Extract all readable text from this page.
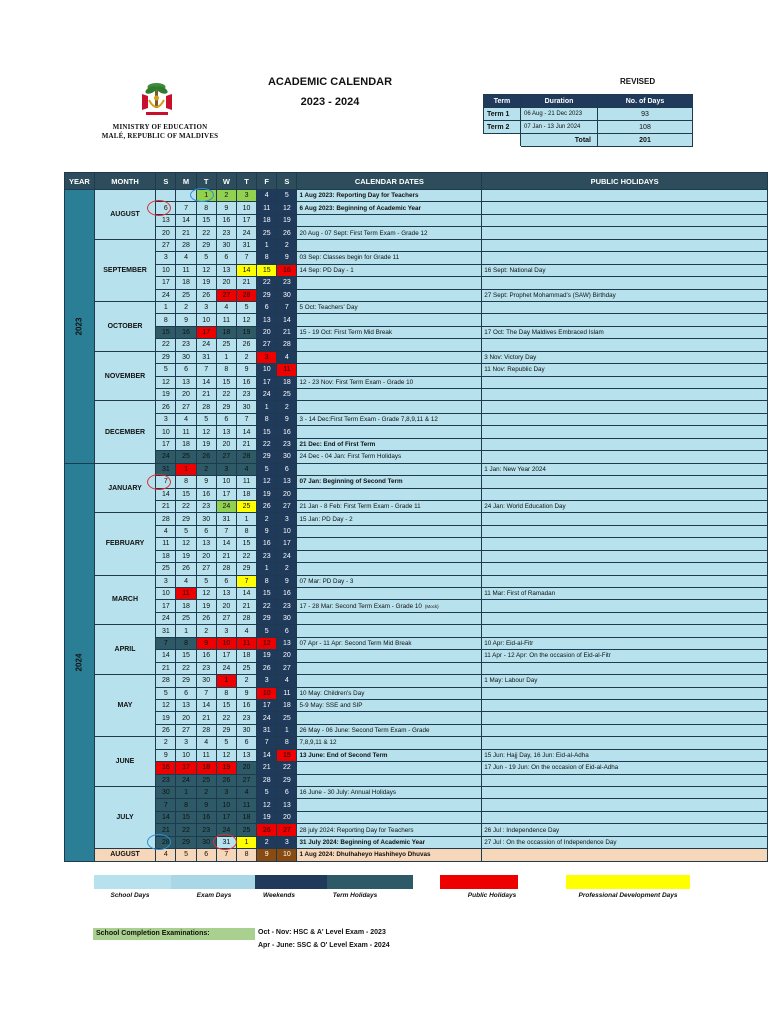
MINISTRY OF EDUCATION
MALÉ, REPUBLIC OF MALDIVES
ACADEMIC CALENDAR
2023 - 2024
REVISED
Term	Duration	No. of Days
Term 1	06 Aug - 21 Dec 2023	93
Term 2	07 Jan - 13 Jun 2024	108
	Total	201
YEAR	MONTH	S	M	T	W	T	F	S	CALENDAR DATES	PUBLIC HOLIDAYS
2023	AUGUST			1	2	3	4	5	1 Aug 2023: Reporting Day for Teachers	
		6	7	8	9	10	11	12	6 Aug 2023: Beginning of Academic Year	
		13	14	15	16	17	18	19		
		20	21	22	23	24	25	26	20 Aug - 07 Sept: First Term Exam - Grade 12	
	SEPTEMBER	27	28	29	30	31	1	2		
		3	4	5	6	7	8	9	03 Sep: Classes begin for Grade 11	
		10	11	12	13	14	15	16	14 Sep: PD Day - 1	16 Sept: National Day
		17	18	19	20	21	22	23		
		24	25	26	27	28	29	30		27 Sept: Prophet Mohammad's (SAW) Birthday
	OCTOBER	1	2	3	4	5	6	7	5 Oct: Teachers' Day	
		8	9	10	11	12	13	14		
		15	16	17	18	19	20	21	15 - 19 Oct: First Term Mid Break	17 Oct: The Day Maldives Embraced Islam
		22	23	24	25	26	27	28		
	NOVEMBER	29	30	31	1	2	3	4		3 Nov: Victory Day
		5	6	7	8	9	10	11		11 Nov: Republic Day
		12	13	14	15	16	17	18	12 - 23 Nov: First Term Exam - Grade 10	
		19	20	21	22	23	24	25		
	DECEMBER	26	27	28	29	30	1	2		
		3	4	5	6	7	8	9	3 - 14 Dec:First Term Exam - Grade 7,8,9,11 & 12	
		10	11	12	13	14	15	16		
		17	18	19	20	21	22	23	21 Dec: End of First Term	
		24	25	26	27	28	29	30	24 Dec - 04 Jan: First Term Holidays	
2024	JANUARY	31	1	2	3	4	5	6		1 Jan: New Year 2024
		7	8	9	10	11	12	13	07 Jan: Beginning of Second Term	
		14	15	16	17	18	19	20		
		21	22	23	24	25	26	27	21 Jan - 8 Feb: First Term Exam - Grade 11	24 Jan: World Education Day
	FEBRUARY	28	29	30	31	1	2	3	15 Jan: PD Day - 2	
		4	5	6	7	8	9	10		
		11	12	13	14	15	16	17		
		18	19	20	21	22	23	24		
		25	26	27	28	29	1	2		
	MARCH	3	4	5	6	7	8	9	07 Mar: PD Day - 3	
		10	11	12	13	14	15	16		11 Mar: First of Ramadan
		17	18	19	20	21	22	23	17 - 28 Mar: Second Term Exam - Grade 10 (Mock)	
		24	25	26	27	28	29	30		
	APRIL	31	1	2	3	4	5	6		
		7	8	9	10	11	12	13	07 Apr - 11 Apr: Second Term Mid Break	10 Apr: Eid-al-Fitr
		14	15	16	17	18	19	20		11 Apr - 12 Apr: On the occasion of Eid-al-Fitr
		21	22	23	24	25	26	27		
	MAY	28	29	30	1	2	3	4		1 May: Labour Day
		5	6	7	8	9	10	11	10 May: Children's Day	
		12	13	14	15	16	17	18	5-9 May: SSE and SIP	
		19	20	21	22	23	24	25		
		26	27	28	29	30	31	1	26 May - 06 June: Second Term Exam - Grade	
	JUNE	2	3	4	5	6	7	8	7,8,9,11 & 12	
		9	10	11	12	13	14	15	13 June: End of Second Term	15 Jun: Hajj Day, 16 Jun: Eid-al-Adha
		16	17	18	19	20	21	22		17 Jun - 19 Jun: On the occasion of Eid-al-Adha
		23	24	25	26	27	28	29		
	JULY	30	1	2	3	4	5	6	16 June - 30 July: Annual Holidays	
		7	8	9	10	11	12	13		
		14	15	16	17	18	19	20		
		21	22	23	24	25	26	27	28 july 2024: Reporting Day for Teachers	26 Jul : Independence Day
		28	29	30	31	1	2	3	31 July 2024: Beginning of Academic Year	27 Jul : On the occassion of Independence Day
	AUGUST	4	5	6	7	8	9	10	1 Aug 2024: Dhulhaheyo Hashiheyo Dhuvas	
School Days	Exam Days	Weekends	Term Holidays	Public Holidays	Professional Development Days
School Completion Examinations:	Oct - Nov: HSC & A' Level Exam - 2023
Apr - June: SSC & O' Level Exam - 2024
